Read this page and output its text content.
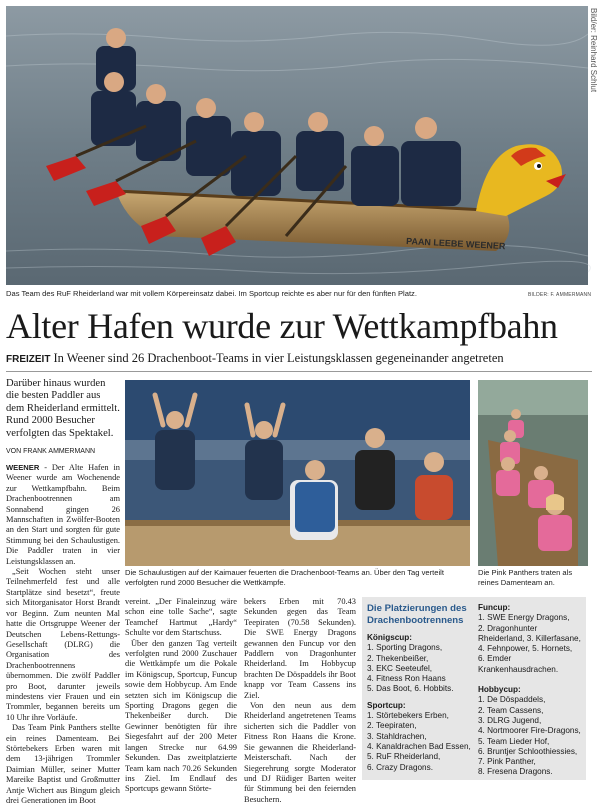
PAAN LEEBE WEENER
Bild/er: Reinhard Schlut
Das Team des RuF Rheiderland war mit vollem Körpereinsatz dabei. Im Sportcup reichte es aber nur für den fünften Platz.	BILDER: F. AMMERMANN
Alter Hafen wurde zur Wettkampfbahn
FREIZEIT In Weener sind 26 Drachenboot-Teams in vier Leistungsklassen gegeneinander angetreten
Darüber hinaus wurden die besten Paddler aus dem Rheiderland ermittelt. Rund 2000 Besucher verfolgten das Spektakel.
VON FRANK AMMERMANN

WEENER - Der Alte Hafen in Weener wurde am Wochenende zur Wettkampfbahn. Beim Drachenbootrennen am Sonnabend gingen 26 Mannschaften in Zwölfer-Booten an den Start und sorgten für gute Stimmung bei den Schaulustigen. Die Paddler traten in vier Leistungsklassen an.

„Seit Wochen steht unser Teilnehmerfeld fest und alle Startplätze sind besetzt“, freute sich Mitorganisator Horst Brandt vor Beginn. Zum neunten Mal hatte die Ortsgruppe Weener der Deutschen Lebens-Rettungs-Gesellschaft (DLRG) die Organisation des Drachenbootrennens übernommen. Die zwölf Paddler pro Boot, darunter jeweils mindestens vier Frauen und ein Trommler, begannen bereits um 10 Uhr ihre Vorläufe.

Das Team Pink Panthers stellte ein reines Damenteam. Bei Störtebekers Erben waren mit dem 13-jährigen Trommler Daimian Müller, seiner Mutter Mareike Baptist und Großmutter Antje Wichert aus Bingum gleich drei Generationen im Boot

Die Schaulustigen auf der Kaimauer feuerten die Drachenboot-Teams an. Über den Tag verteilt verfolgten rund 2000 Besucher die Wettkämpfe.
Die Pink Panthers traten als reines Damenteam an.

vereint. „Der Finaleinzug wäre schon eine tolle Sache“, sagte Teamchef Hartmut „Hardy“ Schulte vor dem Startschuss.

Über den ganzen Tag verteilt verfolgten rund 2000 Zuschauer die Wettkämpfe um die Pokale im Königscup, Sportcup, Funcup sowie dem Hobbycup. Am Ende setzten sich im Königscup die Sporting Dragons gegen die Thekenbeißer durch. Die Gewinner benötigten für ihre Siegesfahrt auf der 200 Meter langen Strecke nur 64.99 Sekunden. Das zweitplatzierte Team kam nach 70.26 Sekunden ins Ziel. Im Endlauf des Sportcups gewann Störte-

bekers Erben mit 70.43 Sekunden gegen das Team Teepiraten (70.58 Sekunden). Die SWE Energy Dragons gewannen den Funcup vor den Paddlern von Dragonhunter Rheiderland. Im Hobbycup brachten De Döspaddels ihr Boot knapp vor Team Cassens ins Ziel.

Von den neun aus dem Rheiderland angetretenen Teams sicherten sich die Paddler von Fitness Ron Haans die Krone. Sie gewannen die Rheiderland-Meisterschaft. Nach der Siegerehrung sorgte Moderator und DJ Rüdiger Barten weiter für Stimmung bei den feiernden Besuchern.

Die Platzierungen des Drachenbootrennens
Königscup:
1. Sporting Dragons,
2. Thekenbeißer,
3. EKC Seeteufel,
4. Fitness Ron Haans
5. Das Boot, 6. Hobbits.
Sportcup:
1. Störtebekers Erben,
2. Teepiraten,
3. Stahldrachen,
4. Kanaldrachen Bad Essen, 5. RuF Rheiderland,
6. Crazy Dragons.
Funcup:
1. SWE Energy Dragons,
2. Dragonhunter Rheiderland, 3. Killerfasane,
4. Fehnpower, 5. Hornets,
6. Emder Krankenhausdrachen.
Hobbycup:
1. De Döspaddels,
2. Team Cassens,
3. DLRG Jugend,
4. Nortmoorer Fire-Dragons, 5. Team Lieder Hof,
6. Bruntjer Schloothiessies, 7. Pink Panther,
8. Fresena Dragons.
